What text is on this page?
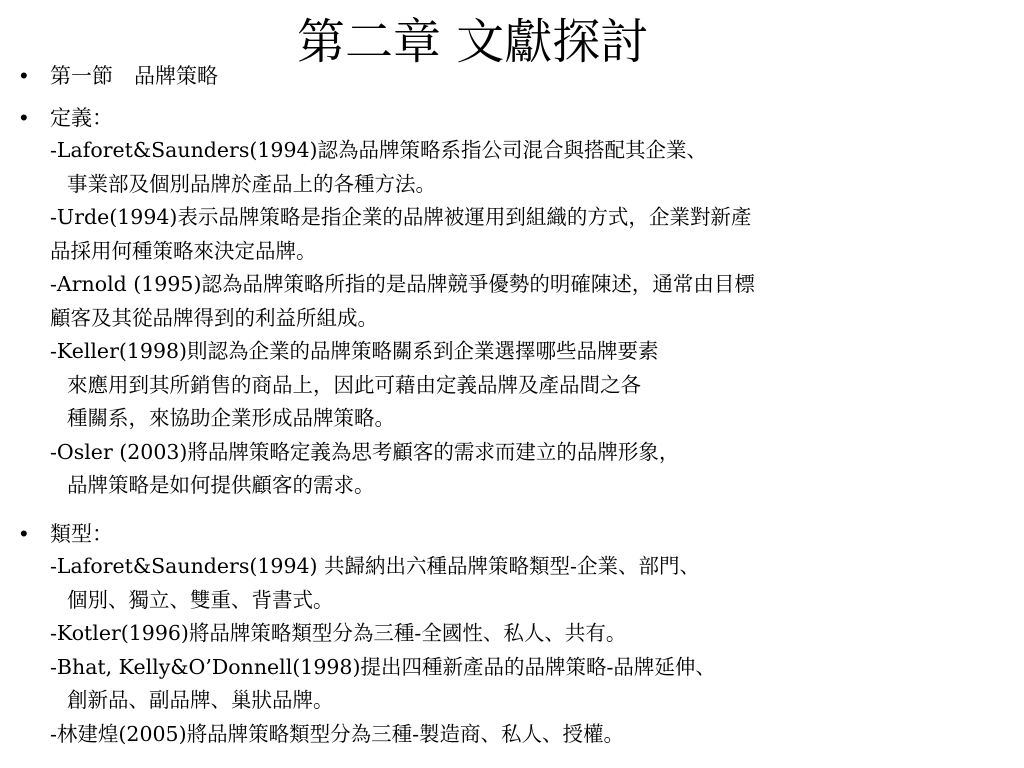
第二章 文獻探討
• 第一節　品牌策略
• 定義：
-Laforet&Saunders(1994)認為品牌策略系指公司混合與搭配其企業、
事業部及個別品牌於產品上的各種方法。
-Urde(1994)表示品牌策略是指企業的品牌被運用到組織的方式，企業對新產
品採用何種策略來決定品牌。
-Arnold (1995)認為品牌策略所指的是品牌競爭優勢的明確陳述，通常由目標
顧客及其從品牌得到的利益所組成。
-Keller(1998)則認為企業的品牌策略關系到企業選擇哪些品牌要素
來應用到其所銷售的商品上，因此可藉由定義品牌及產品間之各
種關系，來協助企業形成品牌策略。
-Osler (2003)將品牌策略定義為思考顧客的需求而建立的品牌形象，
品牌策略是如何提供顧客的需求。
• 類型：
-Laforet&Saunders(1994) 共歸納出六種品牌策略類型-企業、部門、
個別、獨立、雙重、背書式。
-Kotler(1996)將品牌策略類型分為三種-全國性、私人、共有。
-Bhat, Kelly&O’Donnell(1998)提出四種新產品的品牌策略-品牌延伸、
創新品、副品牌、巢狀品牌。
-林建煌(2005)將品牌策略類型分為三種-製造商、私人、授權。
